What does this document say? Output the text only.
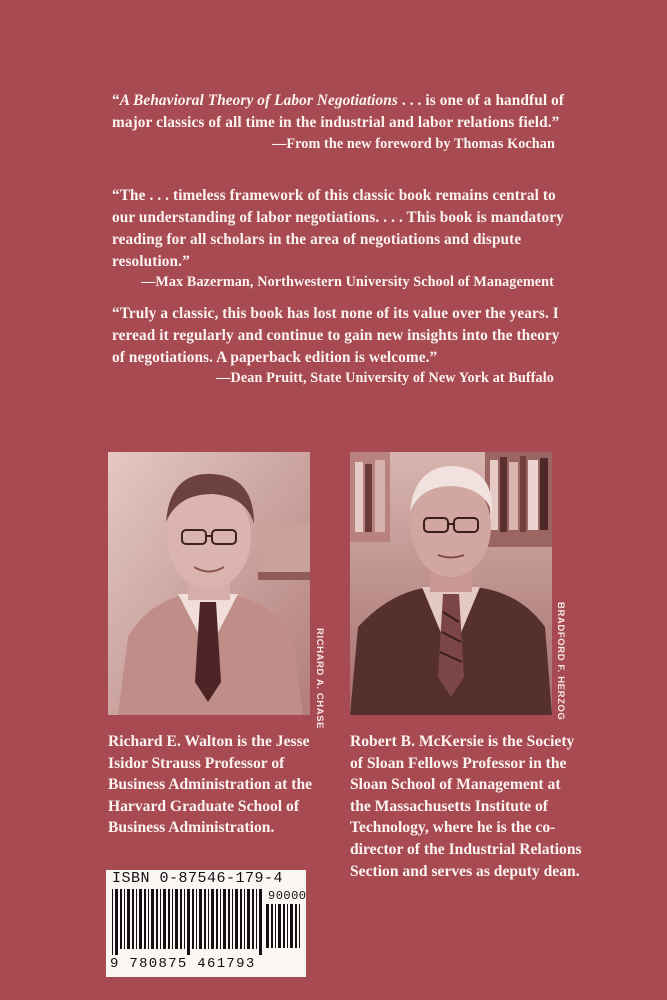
“A Behavioral Theory of Labor Negotiations . . . is one of a handful of major classics of all time in the industrial and labor relations field.”
—From the new foreword by Thomas Kochan
“The . . . timeless framework of this classic book remains central to our understanding of labor negotiations. . . . This book is mandatory reading for all scholars in the area of negotiations and dispute resolution.”
—Max Bazerman, Northwestern University School of Management
“Truly a classic, this book has lost none of its value over the years. I reread it regularly and continue to gain new insights into the theory of negotiations. A paperback edition is welcome.”
—Dean Pruitt, State University of New York at Buffalo
RICHARD A. CHASE	BRADFORD F. HERZOG
Richard E. Walton is the Jesse Isidor Strauss Professor of Business Administration at the Harvard Graduate School of Business Administration.
Robert B. McKersie is the Society of Sloan Fellows Professor in the Sloan School of Management at the Massachusetts Institute of Technology, where he is the co-director of the Industrial Relations Section and serves as deputy dean.
ISBN 0-87546-179-4
90000
9 780875 461793
